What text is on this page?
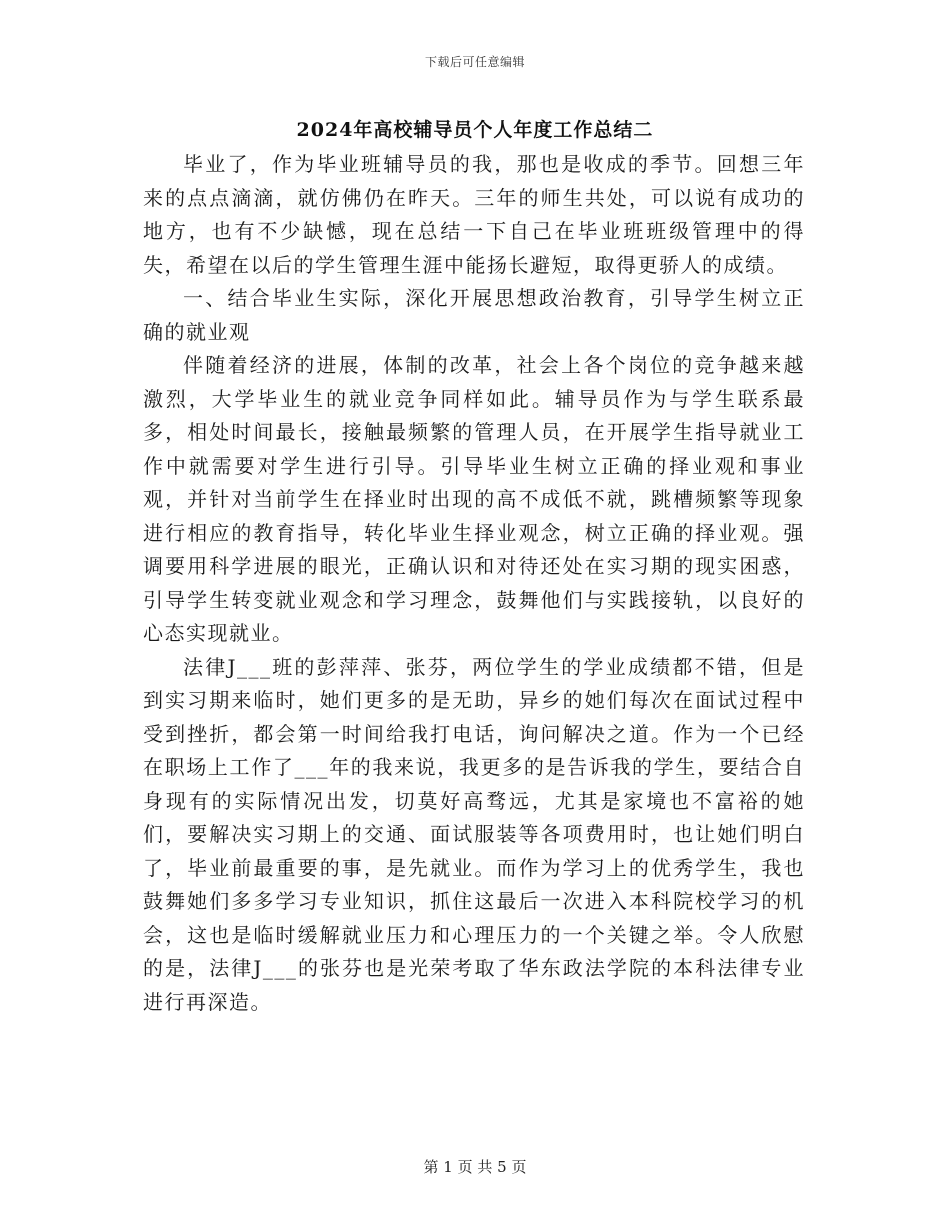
下载后可任意编辑
2024年高校辅导员个人年度工作总结二

毕业了，作为毕业班辅导员的我，那也是收成的季节。回想三年来的点点滴滴，就仿佛仍在昨天。三年的师生共处，可以说有成功的地方，也有不少缺憾，现在总结一下自己在毕业班班级管理中的得失，希望在以后的学生管理生涯中能扬长避短，取得更骄人的成绩。

一、结合毕业生实际，深化开展思想政治教育，引导学生树立正确的就业观

伴随着经济的进展，体制的改革，社会上各个岗位的竞争越来越激烈，大学毕业生的就业竞争同样如此。辅导员作为与学生联系最多，相处时间最长，接触最频繁的管理人员，在开展学生指导就业工作中就需要对学生进行引导。引导毕业生树立正确的择业观和事业观，并针对当前学生在择业时出现的高不成低不就，跳槽频繁等现象进行相应的教育指导，转化毕业生择业观念，树立正确的择业观。强调要用科学进展的眼光，正确认识和对待还处在实习期的现实困惑，引导学生转变就业观念和学习理念，鼓舞他们与实践接轨，以良好的心态实现就业。

法律J___班的彭萍萍、张芬，两位学生的学业成绩都不错，但是到实习期来临时，她们更多的是无助，异乡的她们每次在面试过程中受到挫折，都会第一时间给我打电话，询问解决之道。作为一个已经在职场上工作了___年的我来说，我更多的是告诉我的学生，要结合自身现有的实际情况出发，切莫好高骛远，尤其是家境也不富裕的她们，要解决实习期上的交通、面试服装等各项费用时，也让她们明白了，毕业前最重要的事，是先就业。而作为学习上的优秀学生，我也鼓舞她们多多学习专业知识，抓住这最后一次进入本科院校学习的机会，这也是临时缓解就业压力和心理压力的一个关键之举。令人欣慰的是，法律J___的张芬也是光荣考取了华东政法学院的本科法律专业进行再深造。

第 1 页 共 5 页
